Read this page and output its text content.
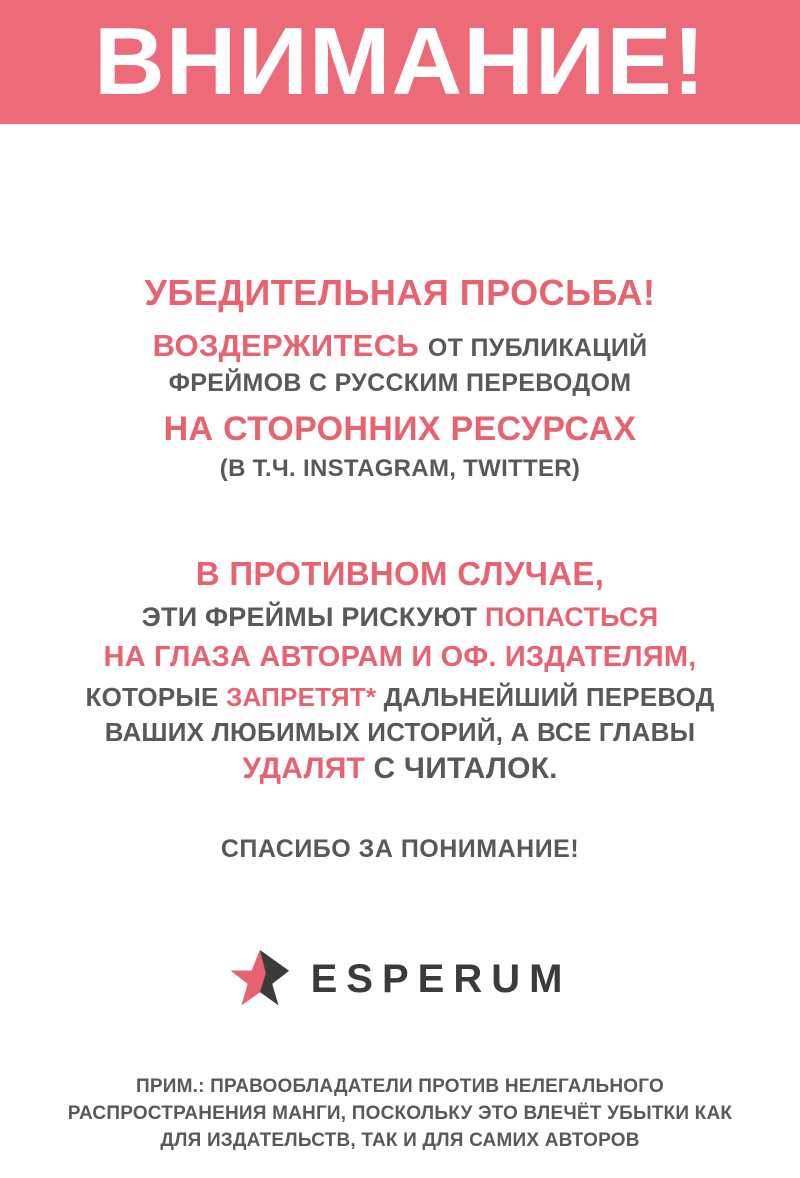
ВНИМАНИЕ!
УБЕДИТЕЛЬНАЯ ПРОСЬБА!
ВОЗДЕРЖИТЕСЬ ОТ ПУБЛИКАЦИЙ
ФРЕЙМОВ С РУССКИМ ПЕРЕВОДОМ
НА СТОРОННИХ РЕСУРСАХ
(В Т.Ч. INSTAGRAM, TWITTER)
В ПРОТИВНОМ СЛУЧАЕ,
ЭТИ ФРЕЙМЫ РИСКУЮТ ПОПАСТЬСЯ
НА ГЛАЗА АВТОРАМ И ОФ. ИЗДАТЕЛЯМ,
КОТОРЫЕ ЗАПРЕТЯТ* ДАЛЬНЕЙШИЙ ПЕРЕВОД
ВАШИХ ЛЮБИМЫХ ИСТОРИЙ, А ВСЕ ГЛАВЫ
УДАЛЯТ С ЧИТАЛОК.
СПАСИБО ЗА ПОНИМАНИЕ!
ESPERUM
ПРИМ.: ПРАВООБЛАДАТЕЛИ ПРОТИВ НЕЛЕГАЛЬНОГО
РАСПРОСТРАНЕНИЯ МАНГИ, ПОСКОЛЬКУ ЭТО ВЛЕЧЁТ УБЫТКИ КАК
ДЛЯ ИЗДАТЕЛЬСТВ, ТАК И ДЛЯ САМИХ АВТОРОВ
